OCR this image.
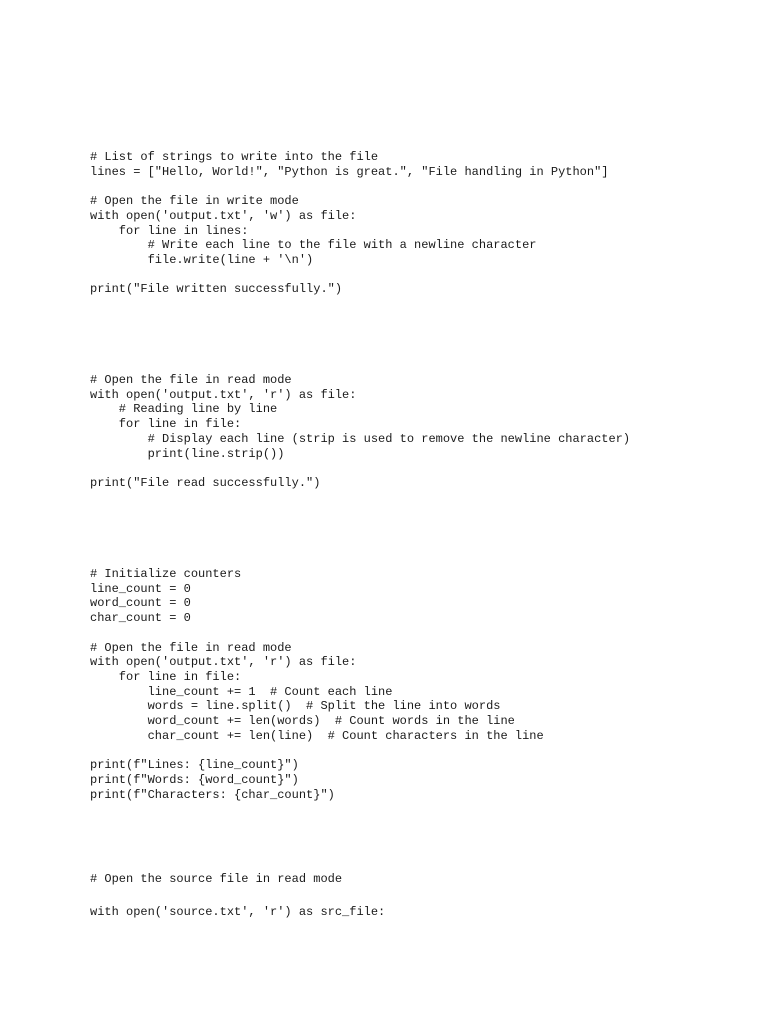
# List of strings to write into the file
lines = ["Hello, World!", "Python is great.", "File handling in Python"]
# Open the file in write mode
with open('output.txt', 'w') as file:
for line in lines:
# Write each line to the file with a newline character
file.write(line + '\n')
print("File written successfully.")
# Open the file in read mode
with open('output.txt', 'r') as file:
# Reading line by line
for line in file:
# Display each line (strip is used to remove the newline character)
print(line.strip())
print("File read successfully.")
# Initialize counters
line_count = 0
word_count = 0
char_count = 0
# Open the file in read mode
with open('output.txt', 'r') as file:
for line in file:
line_count += 1  # Count each line
words = line.split()  # Split the line into words
word_count += len(words)  # Count words in the line
char_count += len(line)  # Count characters in the line
print(f"Lines: {line_count}")
print(f"Words: {word_count}")
print(f"Characters: {char_count}")
# Open the source file in read mode
with open('source.txt', 'r') as src_file:
